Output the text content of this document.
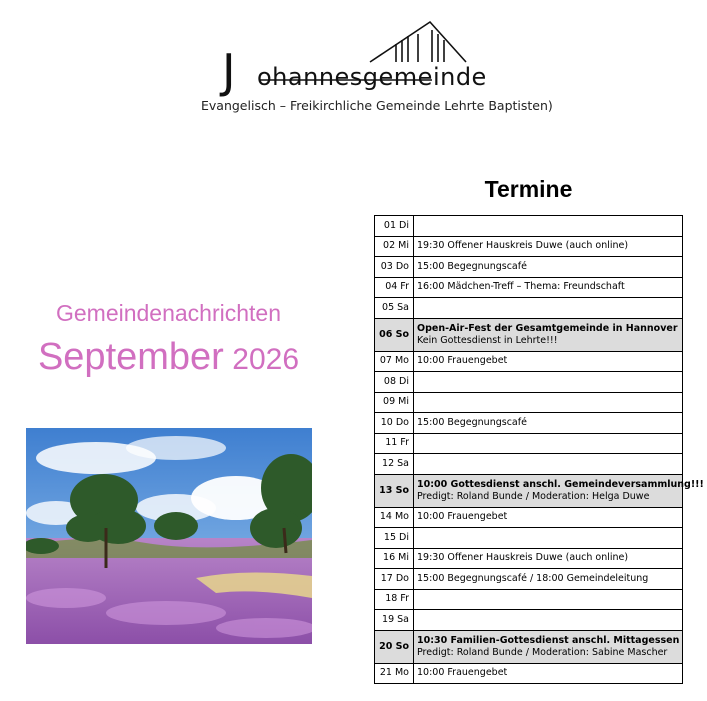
J ohannesgemeinde
Evangelisch – Freikirchliche Gemeinde Lehrte Baptisten)
Gemeindenachrichten
September 2026
Termine
01 Di	

02 Mi	19:30 Offener Hauskreis Duwe (auch online)

03 Do	15:00 Begegnungscafé

04 Fr	16:00 Mädchen-Treff – Thema: Freundschaft

05 Sa	

06 So	Open-Air-Fest der Gesamtgemeinde in Hannover
Kein Gottesdienst in Lehrte!!!

07 Mo	10:00 Frauengebet

08 Di	

09 Mi	

10 Do	15:00 Begegnungscafé

11 Fr	

12 Sa	

13 So	10:00 Gottesdienst anschl. Gemeindeversammlung!!!
Predigt: Roland Bunde / Moderation: Helga Duwe

14 Mo	10:00 Frauengebet

15 Di	

16 Mi	19:30 Offener Hauskreis Duwe (auch online)

17 Do	15:00 Begegnungscafé / 18:00 Gemeindeleitung

18 Fr	

19 Sa	

20 So	10:30 Familien-Gottesdienst anschl. Mittagessen
Predigt: Roland Bunde / Moderation: Sabine Mascher

21 Mo	10:00 Frauengebet
